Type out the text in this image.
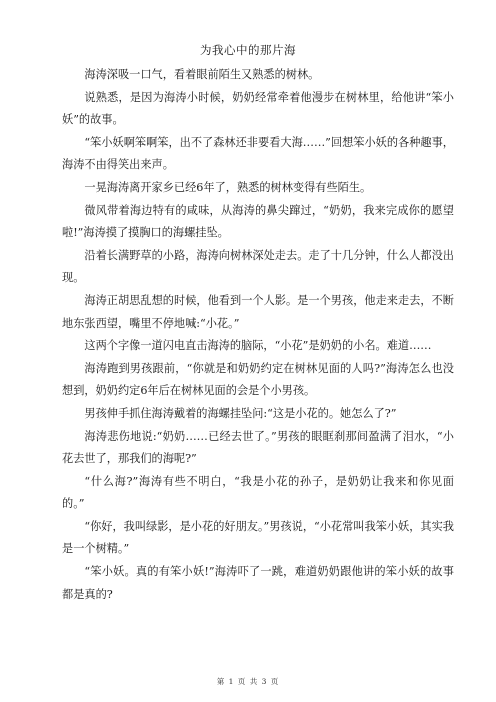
为我心中的那片海

海涛深吸一口气，看着眼前陌生又熟悉的树林。

说熟悉，是因为海涛小时候，奶奶经常牵着他漫步在树林里，给他讲“笨小妖”的故事。

“笨小妖啊笨啊笨，出不了森林还非要看大海……”回想笨小妖的各种趣事，海涛不由得笑出来声。

一晃海涛离开家乡已经6年了，熟悉的树林变得有些陌生。

微风带着海边特有的咸味，从海涛的鼻尖蹿过，“奶奶，我来完成你的愿望啦!”海涛摸了摸胸口的海螺挂坠。

沿着长满野草的小路，海涛向树林深处走去。走了十几分钟，什么人都没出现。

海涛正胡思乱想的时候，他看到一个人影。是一个男孩，他走来走去，不断地东张西望，嘴里不停地喊:“小花。”

这两个字像一道闪电直击海涛的脑际，“小花”是奶奶的小名。难道……

海涛跑到男孩跟前，“你就是和奶奶约定在树林见面的人吗?”海涛怎么也没想到，奶奶约定6年后在树林见面的会是个小男孩。

男孩伸手抓住海涛戴着的海螺挂坠问:“这是小花的。她怎么了?”

海涛悲伤地说:“奶奶……已经去世了。”男孩的眼眶刹那间盈满了泪水，“小花去世了，那我们的海呢?”

“什么海?”海涛有些不明白，“我是小花的孙子，是奶奶让我来和你见面的。”

“你好，我叫绿影，是小花的好朋友。”男孩说，“小花常叫我笨小妖，其实我是一个树精。”

“笨小妖。真的有笨小妖!”海涛吓了一跳，难道奶奶跟他讲的笨小妖的故事都是真的?

第 1 页 共 3 页
